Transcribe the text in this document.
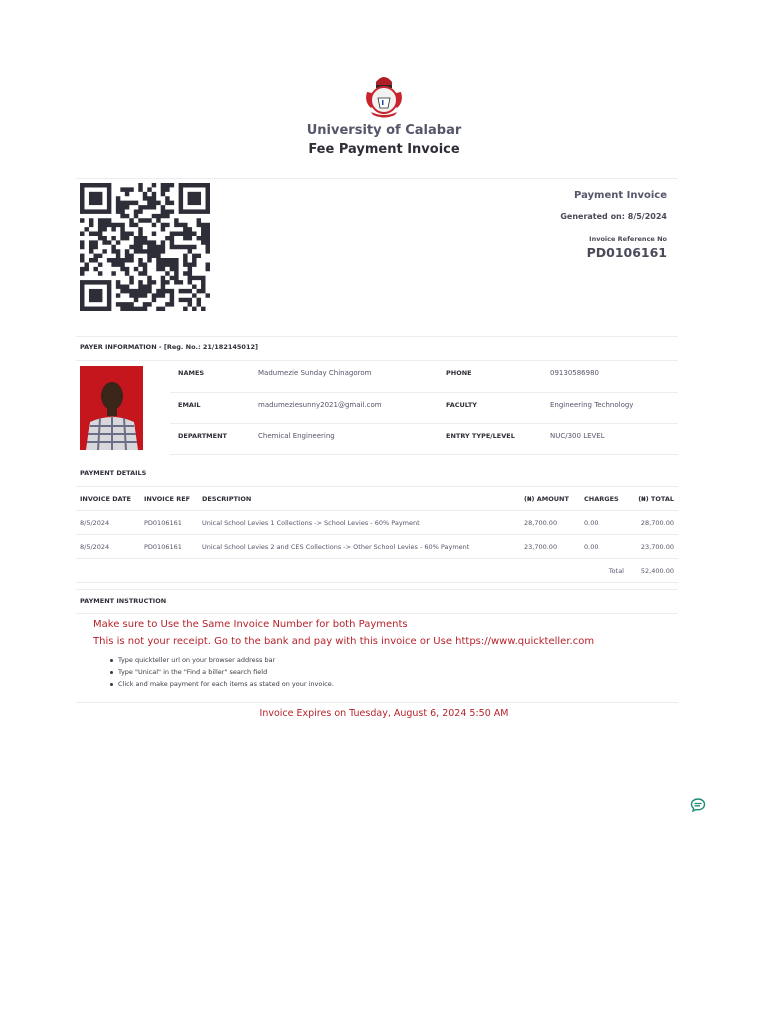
University of Calabar
Fee Payment Invoice
Payment Invoice
Generated on: 8/5/2024
Invoice Reference No
PD0106161
PAYER INFORMATION - [Reg. No.: 21/182145012]
NAMES	Madumezie Sunday Chinagorom	PHONE	09130586980
EMAIL	madumeziesunny2021@gmail.com	FACULTY	Engineering Technology
DEPARTMENT	Chemical Engineering	ENTRY TYPE/LEVEL	NUC/300 LEVEL
PAYMENT DETAILS
INVOICE DATE	INVOICE REF	DESCRIPTION	(₦) AMOUNT	CHARGES	(₦) TOTAL
8/5/2024	PD0106161	Unical School Levies 1 Collections -> School Levies - 60% Payment	28,700.00	0.00	28,700.00
8/5/2024	PD0106161	Unical School Levies 2 and CES Collections -> Other School Levies - 60% Payment	23,700.00	0.00	23,700.00
				Total	52,400.00
PAYMENT INSTRUCTION
Make sure to Use the Same Invoice Number for both Payments
This is not your receipt. Go to the bank and pay with this invoice or Use https://www.quickteller.com
Type quickteller url on your browser address bar
Type "Unical" in the "Find a biller" search field
Click and make payment for each items as stated on your invoice.
Invoice Expires on Tuesday, August 6, 2024 5:50 AM
